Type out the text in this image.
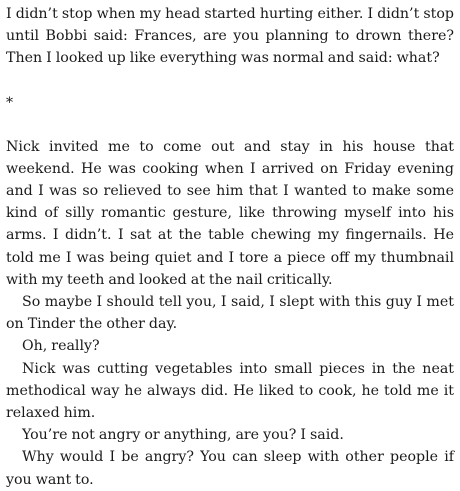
I didn’t stop when my head started hurting either. I didn’t stop until Bobbi said: Frances, are you planning to drown there? Then I looked up like everything was normal and said: what?

*

Nick invited me to come out and stay in his house that weekend. He was cooking when I arrived on Friday evening and I was so relieved to see him that I wanted to make some kind of silly romantic gesture, like throwing myself into his arms. I didn’t. I sat at the table chewing my fingernails. He told me I was being quiet and I tore a piece off my thumbnail with my teeth and looked at the nail critically.

So maybe I should tell you, I said, I slept with this guy I met on Tinder the other day.

Oh, really?

Nick was cutting vegetables into small pieces in the neat methodical way he always did. He liked to cook, he told me it relaxed him.

You’re not angry or anything, are you? I said.

Why would I be angry? You can sleep with other people if you want to.
